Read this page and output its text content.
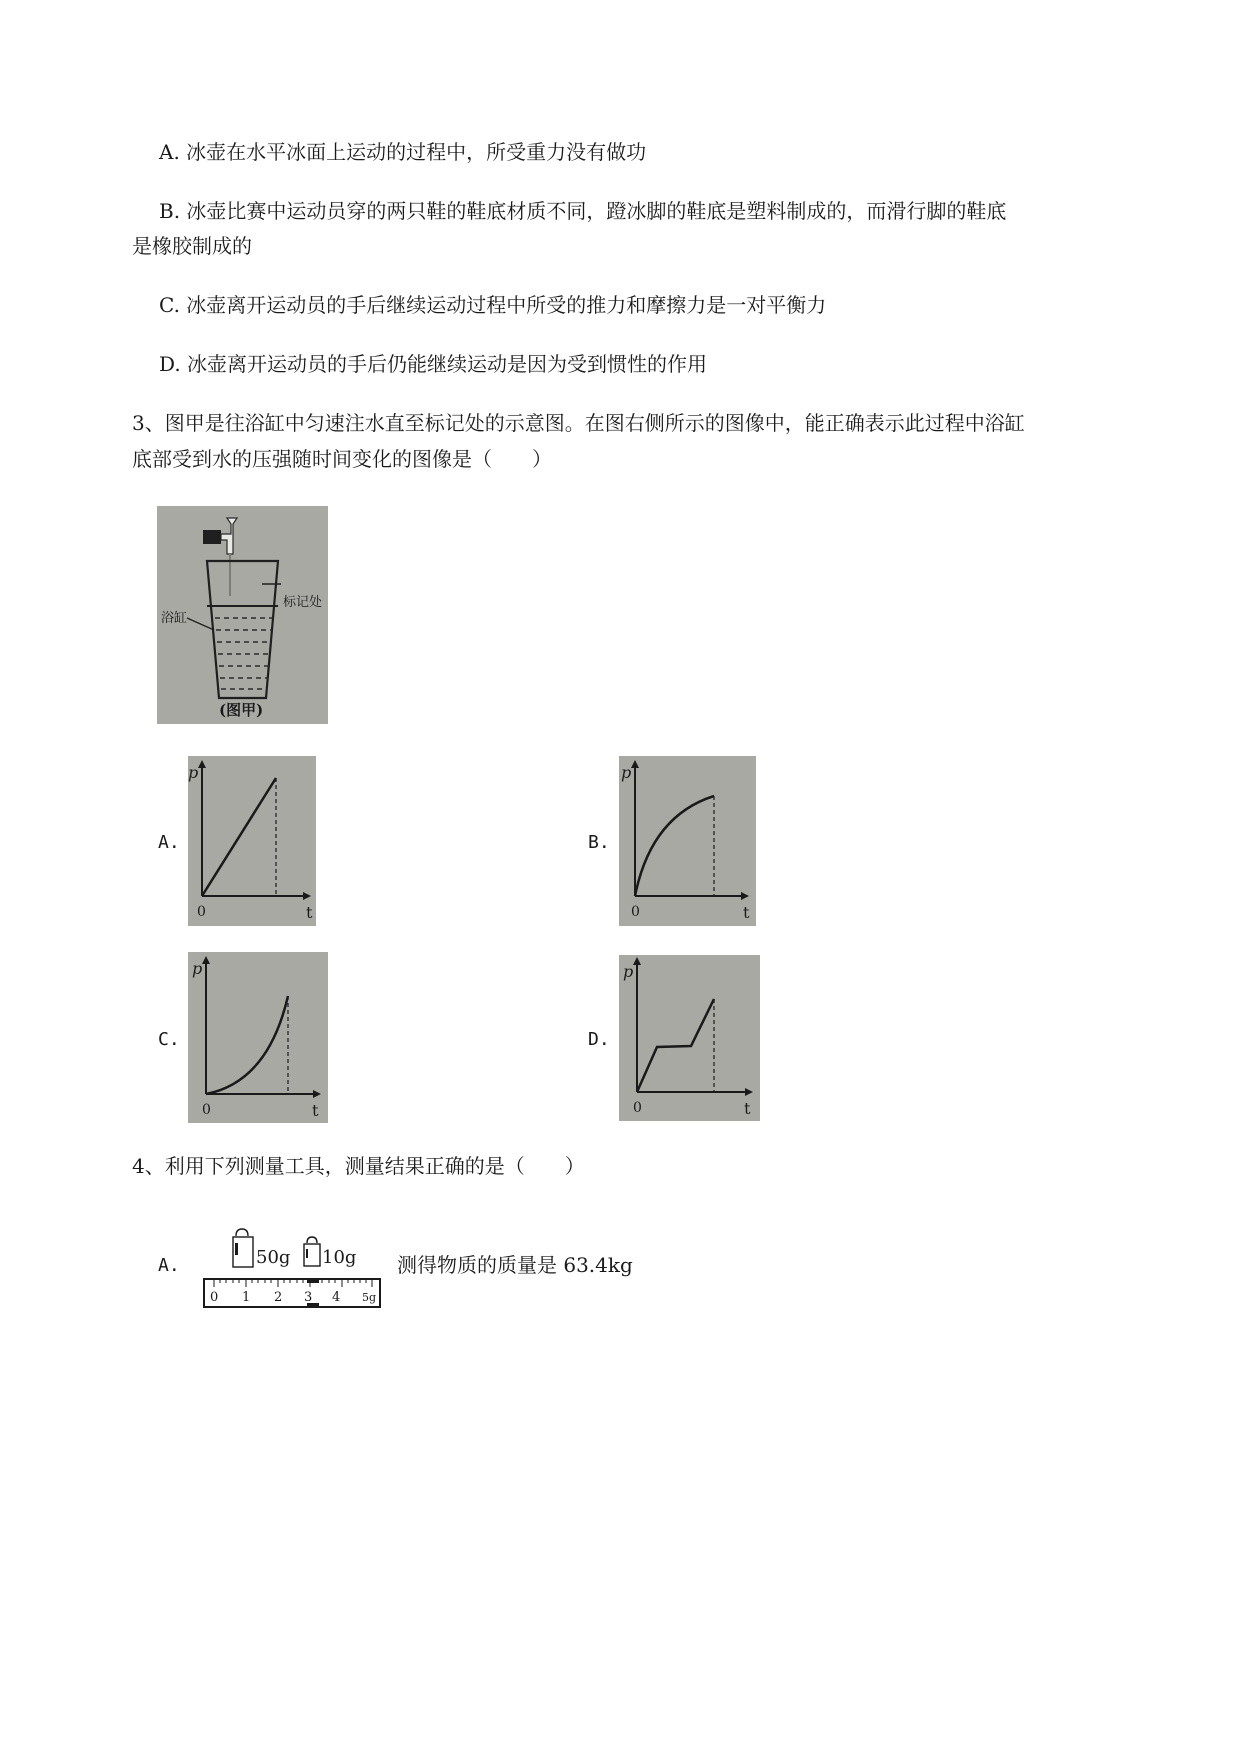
A. 冰壶在水平冰面上运动的过程中，所受重力没有做功
B. 冰壶比赛中运动员穿的两只鞋的鞋底材质不同，蹬冰脚的鞋底是塑料制成的，而滑行脚的鞋底
是橡胶制成的
C. 冰壶离开运动员的手后继续运动过程中所受的推力和摩擦力是一对平衡力
D. 冰壶离开运动员的手后仍能继续运动是因为受到惯性的作用
3、图甲是往浴缸中匀速注水直至标记处的示意图。在图右侧所示的图像中，能正确表示此过程中浴缸
底部受到水的压强随时间变化的图像是（　　）
标记处
浴缸
(图甲)
A.
p
t
0
B.
p
t
0
C.
p
t
0
D.
p
t
0
4、利用下列测量工具，测量结果正确的是（　　）
A.	50g 10g
0 1 2 3 4 5g
测得物质的质量是 63.4kg
